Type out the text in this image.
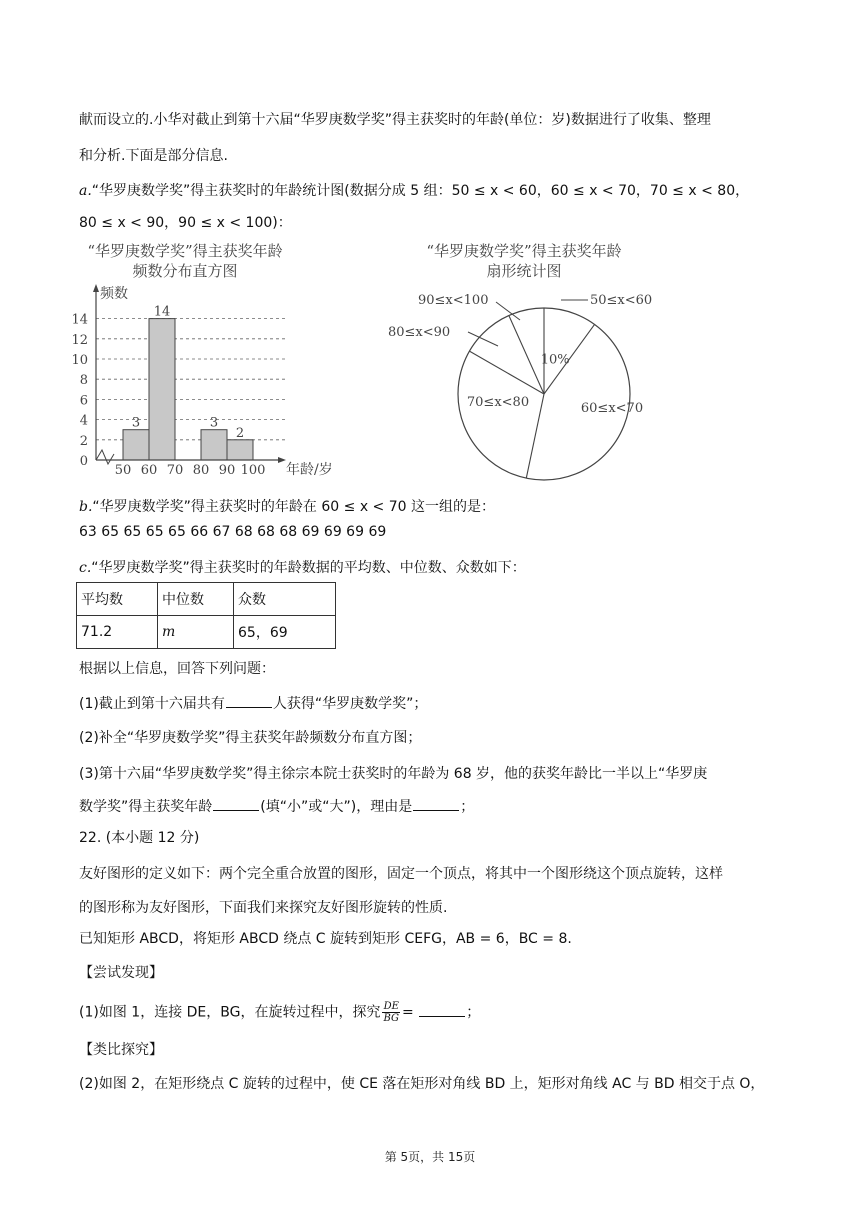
献而设立的.小华对截止到第十六届“华罗庚数学奖”得主获奖时的年龄(单位：岁)数据进行了收集、整理
和分析.下面是部分信息.
a.“华罗庚数学奖”得主获奖时的年龄统计图(数据分成 5 组：50 ≤ x < 60，60 ≤ x < 70，70 ≤ x < 80，
80 ≤ x < 90，90 ≤ x < 100)：
“华罗庚数学奖”得主获奖年龄
频数分布直方图
频数
年龄/岁
0
2
4
6
8
10
12
14
50 60 70 80 90 100
3
14
3
2
“华罗庚数学奖”得主获奖年龄
扇形统计图
50≤x<60
10%
60≤x<70
70≤x<80
80≤x<90
90≤x<100
b.“华罗庚数学奖”得主获奖时的年龄在 60 ≤ x < 70 这一组的是：
63 65 65 65 65 66 67 68 68 68 69 69 69 69
c.“华罗庚数学奖”得主获奖时的年龄数据的平均数、中位数、众数如下：
平均数	中位数	众数
71.2	m	65，69
根据以上信息，回答下列问题：
(1)截止到第十六届共有	人获得“华罗庚数学奖”；
(2)补全“华罗庚数学奖”得主获奖年龄频数分布直方图；
(3)第十六届“华罗庚数学奖”得主徐宗本院士获奖时的年龄为 68 岁，他的获奖年龄比一半以上“华罗庚
数学奖”得主获奖年龄	(填“小”或“大”)，理由是	；
22. (本小题 12 分)
友好图形的定义如下：两个完全重合放置的图形，固定一个顶点，将其中一个图形绕这个顶点旋转，这样
的图形称为友好图形，下面我们来探究友好图形旋转的性质.
已知矩形 ABCD，将矩形 ABCD 绕点 C 旋转到矩形 CEFG，AB = 6，BC = 8.
【尝试发现】
(1)如图 1，连接 DE，BG，在旋转过程中，探究 $\frac{DE}{BG}$ =	；
【类比探究】
(2)如图 2，在矩形绕点 C 旋转的过程中，使 CE 落在矩形对角线 BD 上，矩形对角线 AC 与 BD 相交于点 O，
第 5页，共 15页
